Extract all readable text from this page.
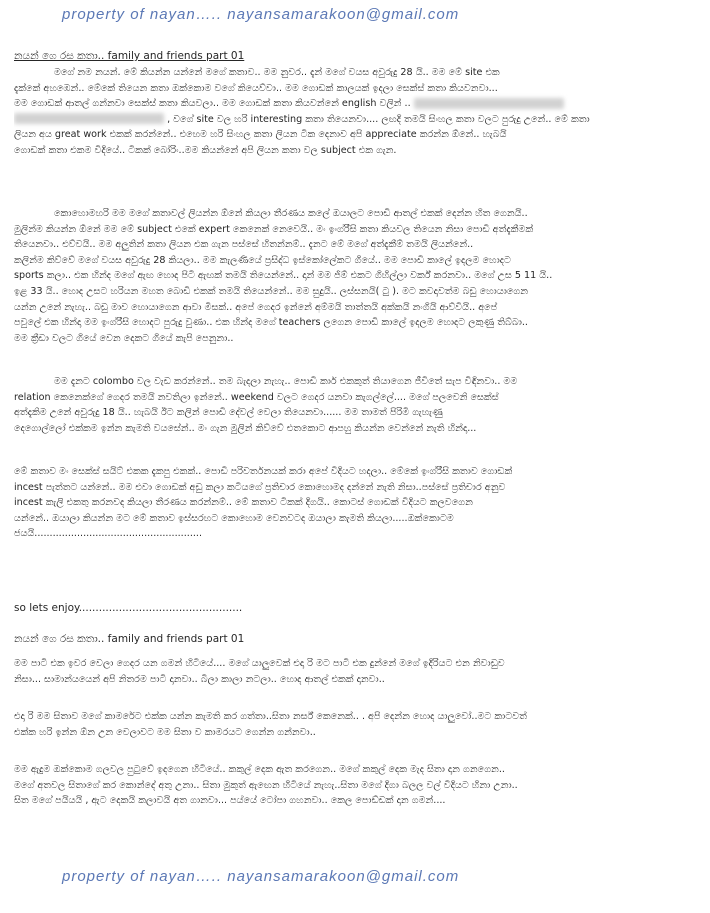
property of nayan….. nayansamarakoon@gmail.com
නයන් ගෙ රස කතා.. family and friends part 01
මගේ නම නයන්. මේ කියන්න යන්නේ මගේ කතාව.. මම නුවර.. දැන් මගේ වයස අවුරුදු 28 යි.. මම මේ site එක
දැක්කේ අහඹෙන්.. මේකේ තියෙන කතා ඔක්කොම වගේ කියෙව්වා.. මම ගොඩක් කාලයක් ඉදලා සෙක්ස් කතා කියවනවා...
මම ගොඩක් ආතල් ගන්නවා සෙක්ස් කතා කියවලා.. මම ගොඩක් කතා කියවන්නේ english වලින් ..
, වගේ site වල හරි interesting කතා තියෙනවා.... ලඟදි තමයි සිංහල කතා වලට පුරුදු උනේ.. මේ කතා
ලියන අය great work එකක් කරන්නේ.. එහෙම හරි සිංහල කතා ලියන ටික දෙනාව අපි appreciate කරන්න ඕනේ.. හැබයි
ගොඩක් කතා එකම විදියේ.. ටිකක් බෝරිං..මම කියන්නේ අපි ලියන කතා වල subject එක ගැන.
කොහොමහරි මම මගේ කතාවල් ලියන්න ඕනේ කියලා තීරණය කලේ ඔයාලට පොඩි ආතල් එකක් දෙන්න හිත ගෙනයි..
මුලින්ම කියන්න ඕනේ මම මේ subject එකේ expert කෙනෙක් නෙවෙයි.. මං ඉංග්රීසි කතා කියවල තියෙන නිසා පොඩි අත්දැකීමක්
තියෙනවා.. එව්වයි.. මම අලුතින් කතා ලියන එක ගැන පස්සේ හිතන්නම්.. දැනට මේ මගේ අත්දැකීම් තමයි ලියන්නේ..
කලින්ම කිව්වේ මගේ වයස අවුරුදු 28 කියලා.. මම කැලණියේ ප්‍රසිද්ධ ඉස්කෝලේකට ගියේ.. මම පොඩි කාලේ ඉදලම හොදට
sports කලා.. එක හින්ද මගේ ඇඟ හොද පිටි ඇඟක් තමයි තියෙන්නේ.. දාන් මම ජිම් එකට ගිහිල්ලා වර්ක් කරනවා.. මගේ උස 5 11 යි..
ඉළ 33 යි.. හොද උසට හරියන මහත බොඩි එකක් තමයි තියෙන්නේ.. මම සුදුයි.. ලස්සනයි( ටු ). මට කවදාවත්ම බඩු හොයාගෙන
යන්න උනේ නැහැ.. බඩු මාව හොයාගෙන ආවා මිසක්.. අපේ ගෙදර ඉන්නේ අම්මයි තාත්තයි අක්කයි නංගියි ආව්වියි.. අපේ
පවුලේ එක හින්දා මම ඉංග්රීසි හොදට පුරුදු වුණා.. එක හින්ද මගේ teachers ලගෙන පොඩි කාලේ ඉදලම හොදට ලකුණු තිබ්බා..
මම ක්‍රීඩා වලට ගියේ වෙන දෙකට ගියේ කැපි පෙනුනා..
මම දැනට colombo වල වැඩ කරන්නේ.. තම බැදලා නැහැ.. පොඩි කාර් එකකුත් තියාගෙන ජීවිතේ සැප විඳිනවා.. මම
relation කෙනෙක්ගේ ගෙදර තමයි නවතිලා ඉන්නේ.. weekend වලට ගෙදර යනවා කැගල්ලේ.... මගේ පලවෙනි සෙක්ස්
අත්දැකිම උනේ අවුරුදු 18 යි.. හැබයි ඊට කලින් පොඩි දේවල් වෙලා තියෙනවා...... මම තාමත් පිරිමි ගැහැණු
දෙගොල්ලෝ එක්කම ඉන්න කැමති වයසේන්.. මං ගැන මුලින් කිව්වේ එතකොට ආපහු කියන්න වෙන්නේ නැති හින්දා...
මේ කතාව මං සෙක්ස් සයිට් එකක දැකපු එකක්.. පොඩි පරිවර්තනයක් කරා අපේ විදියට හදලා.. මේකේ ඉංග්රීසි කතාව ගොඩක්
incest පැත්තට යන්නේ.. මම එවා ගොඩක් අඩු කලා කටියගේ ප්‍රතිචාර කොහොමද දන්නේ නැති නිසා..පස්සේ ප්‍රතිචාර අනුව
incest කැලි එකතු කරනවද කියලා තීරණය කරන්නම්.. මේ කතාව ටිකක් දිගයි.. කොටස් ගොඩක් විදියට කලවගෙන
යන්නේ.. ඔයාලා කියන්න මට මේ කතාව ඉස්සරහට කොහොම වෙනවටද ඔයාලා කැමති කියලා.....ඔක්කොටම
ජයයි.......................................................
so lets enjoy.................................................
නයන් ගෙ රස කතා.. family and friends part 01
මම පාටි එක ඉවර වෙලා ගෙදර යන ගමන් හිටියේ.... මගේ යාලුවෙක් එදා රි මට පාටි එක දුන්නේ මගේ ඉදිරියට එන නිවාඩුව
නිසා... සාමාන්යයෙන් අපි නිතරම පාටි දානවා.. බිලා කාලා නටලා.. හොද ආතල් එකක් දානවා..
එදා රි මම සිතාව මගේ කාමරේට එක්ක යන්න කැමති කර ගත්තා..සිතා නර්ස් කෙනෙක්.. . අපි දෙන්න හොද යාලුවෝ..මට කාටවත්
එක්ක හරි ඉන්න ඕන උන වෙලාවට මම සිතා ව කාමරයට ගෙන්න ගන්නවා..
මම ඇදුම ඔක්කොම ගලවල පුටුවේ ඉදගෙන හිටියේ.. කකුල් දෙක ඇත කරගෙන.. මගේ කකුල් දෙක මැද සිතා දාන ගනගෙන..
මගේ අතවල සිතාගේ කර කොන්දේ අතු උනා.. සිතා මුකුත් ඇඟෙන හිටියේ නැහැ..සිතා මගේ දිගා බලල වල් විදියට හිනා උනා..
සිත මගේ පයියයි , ඇට දෙකයි කලාවයි අත ගානවා... පය්යේ ටෝපා ගහනවා.. කෙල පොඩ්ඩක් දාන ගමන්....
property of nayan….. nayansamarakoon@gmail.com
